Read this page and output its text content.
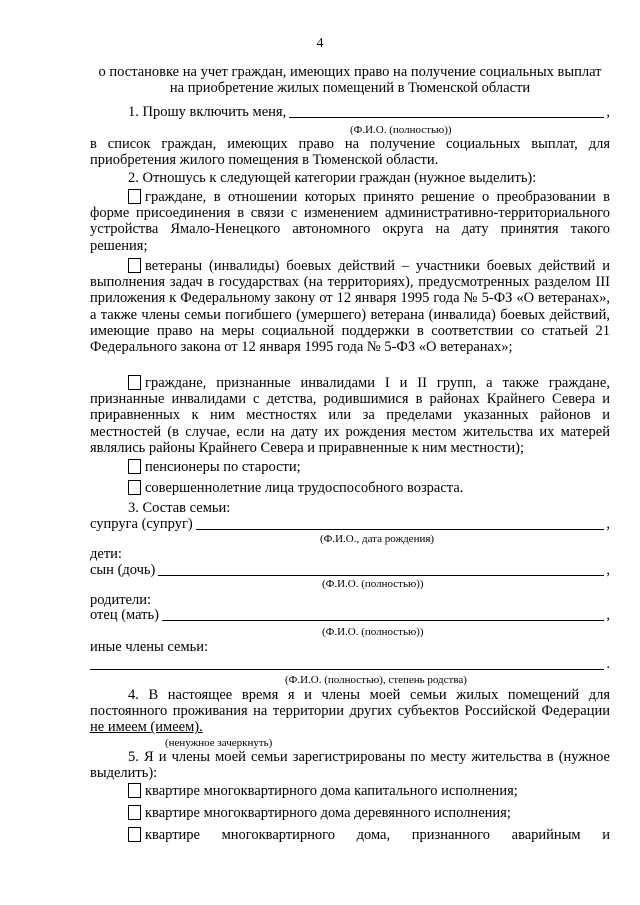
4
о постановке на учет граждан, имеющих право на получение социальных выплат на приобретение жилых помещений в Тюменской области
1. Прошу включить меня,	,
(Ф.И.О. (полностью))
в список граждан, имеющих право на получение социальных выплат, для приобретения жилого помещения в Тюменской области.
2. Отношусь к следующей категории граждан (нужное выделить):
граждане, в отношении которых принято решение о преобразовании в форме присоединения в связи с изменением административно-территориального устройства Ямало-Ненецкого автономного округа на дату принятия такого решения;
ветераны (инвалиды) боевых действий – участники боевых действий и выполнения задач в государствах (на территориях), предусмотренных разделом III приложения к Федеральному закону от 12 января 1995 года № 5-ФЗ «О ветеранах», а также члены семьи погибшего (умершего) ветерана (инвалида) боевых действий, имеющие право на меры социальной поддержки в соответствии со статьей 21 Федерального закона от 12 января 1995 года № 5-ФЗ «О ветеранах»;
граждане, признанные инвалидами I и II групп, а также граждане, признанные инвалидами с детства, родившимися в районах Крайнего Севера и приравненных к ним местностях или за пределами указанных районов и местностей (в случае, если на дату их рождения местом жительства их матерей являлись районы Крайнего Севера и приравненные к ним местности);
пенсионеры по старости;
совершеннолетние лица трудоспособного возраста.
3. Состав семьи:
супруга (супруг)	,
(Ф.И.О., дата рождения)
дети:
сын (дочь)	,
(Ф.И.О. (полностью))
родители:
отец (мать)	,
(Ф.И.О. (полностью))
иные члены семьи:
.
(Ф.И.О. (полностью), степень родства)
4. В настоящее время я и члены моей семьи жилых помещений для постоянного проживания на территории других субъектов Российской Федерации не имеем (имеем).
(ненужное зачеркнуть)
5. Я и члены моей семьи зарегистрированы по месту жительства в (нужное выделить):
квартире многоквартирного дома капитального исполнения;
квартире многоквартирного дома деревянного исполнения;
квартире многоквартирного дома, признанного аварийным и
